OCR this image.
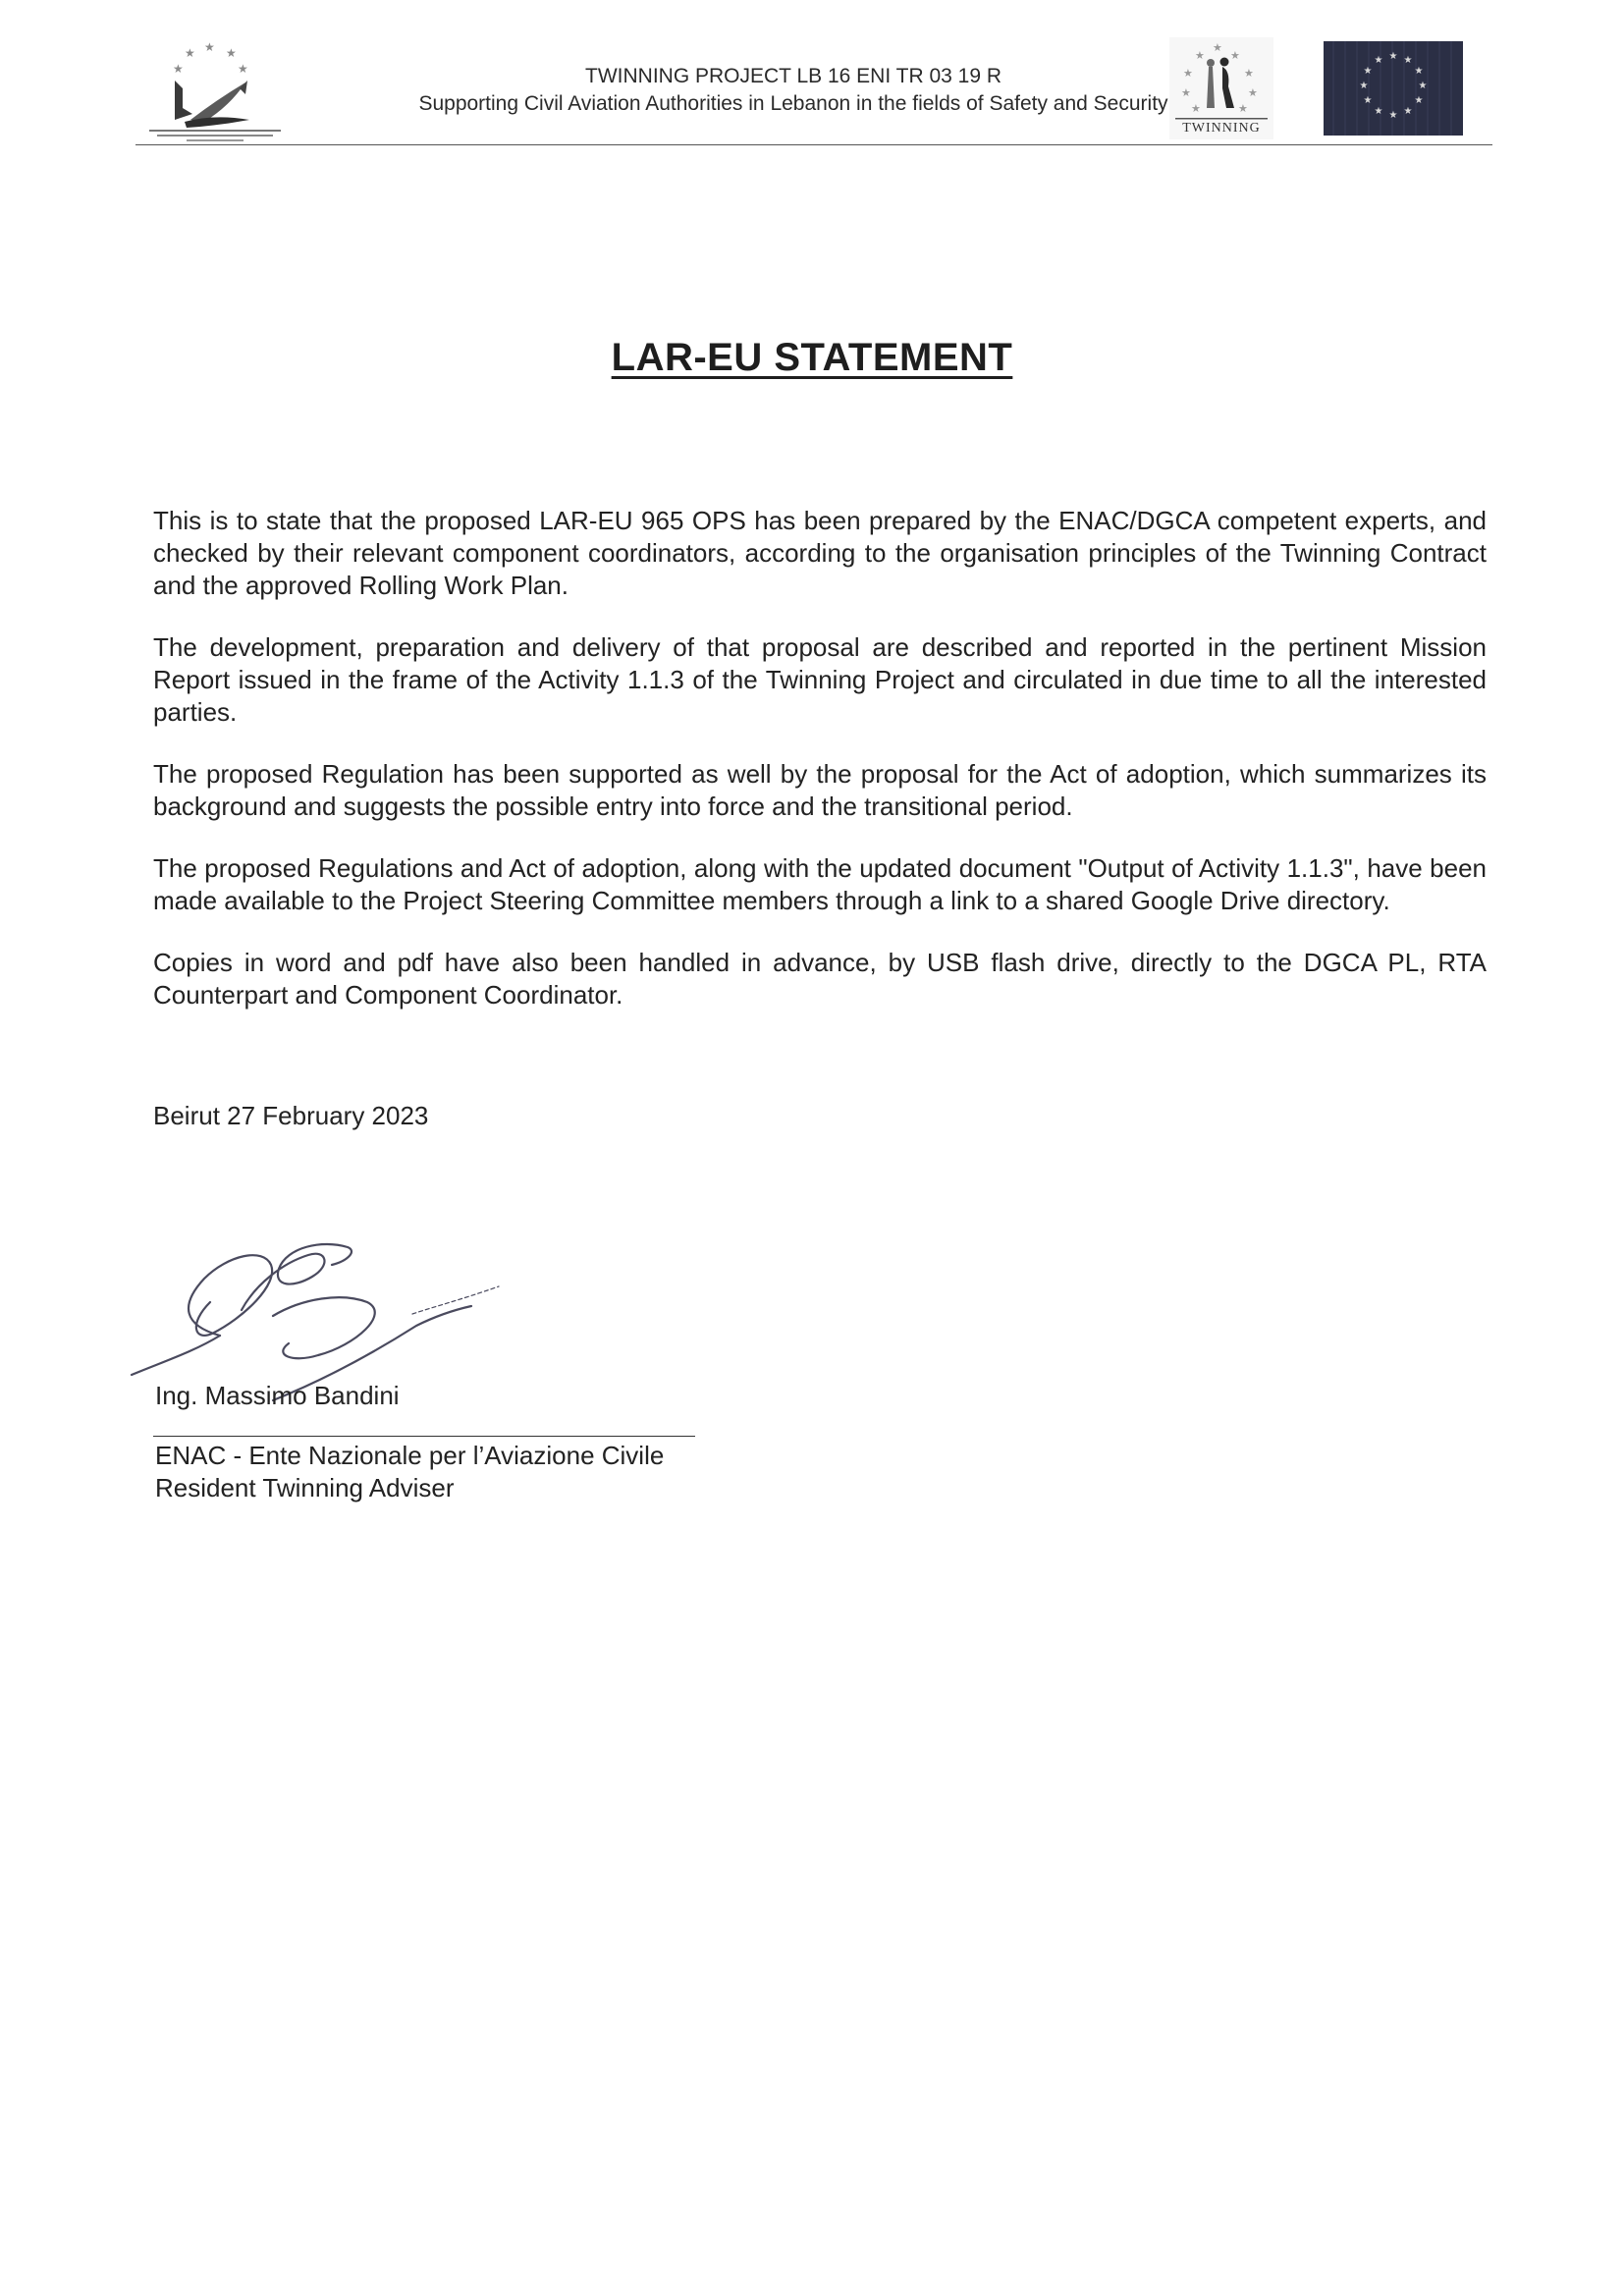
★
★	★
★	★	TWINNING PROJECT LB 16 ENI TR 03 19 R
Supporting Civil Aviation Authorities in Lebanon in the fields of Safety and Security
★
★ ★
★	★
★	★
★	★
TWINNING
★ ★
★
★
★
★
★
★
★
★
★
★
LAR-EU STATEMENT

This is to state that the proposed LAR-EU 965 OPS has been prepared by the ENAC/DGCA competent experts, and checked by their relevant component coordinators, according to the organisation principles of the Twinning Contract and the approved Rolling Work Plan.

The development, preparation and delivery of that proposal are described and reported in the pertinent Mission Report issued in the frame of the Activity 1.1.3 of the Twinning Project and circulated in due time to all the interested parties.

The proposed Regulation has been supported as well by the proposal for the Act of adoption, which summarizes its background and suggests the possible entry into force and the transitional period.

The proposed Regulations and Act of adoption, along with the updated document "Output of Activity 1.1.3", have been made available to the Project Steering Committee members through a link to a shared Google Drive directory.

Copies in word and pdf have also been handled in advance, by USB flash drive, directly to the DGCA PL, RTA Counterpart and Component Coordinator.

Beirut 27 February 2023
Ing. Massimo Bandini
ENAC - Ente Nazionale per l’Aviazione Civile
Resident Twinning Adviser
